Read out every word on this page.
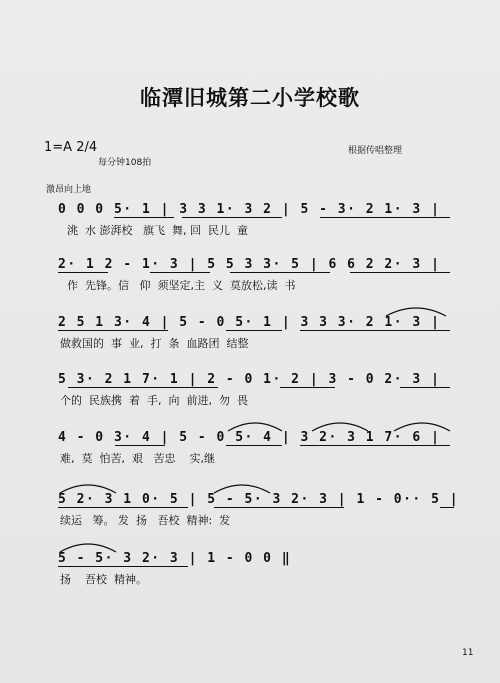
临潭旧城第二小学校歌
1=A 2/4
每分钟108拍
根据传唱整理
激昂向上地
0 0 0 5· 1 | 3 3 1· 3 2 | 5 - 3· 2 1· 3 |
洮  水 澎湃校   旗飞  舞, 回  民儿  童
2· 1 2 - 1· 3 | 5 5 3 3· 5 | 6 6 2 2· 3 |
作  先锋。信   仰  须坚定,主  义  莫放松,读  书
2 5 1 3· 4 | 5 - 0 5· 1 | 3 3 3· 2 1· 3 |
做救国的  事  业,  打  条  血路团  结整
5 3· 2 1 7· 1 | 2 - 0 1· 2 | 3 - 0 2· 3 |
个的  民族携  着  手,  向  前进,  勿  畏
4 - 0 3· 4 | 5 - 0 5· 4 | 3 2· 3 1 7· 6 |
难,  莫  怕苦,  艰   苦忠    实,继
5 2· 3 1 0· 5 | 5 - 5· 3 2· 3 | 1 - 0·· 5 |
续运   筹。 发  扬   吾校  精神:  发
5 - 5· 3 2· 3 | 1 - 0 0 ‖
扬    吾校  精神。
11
